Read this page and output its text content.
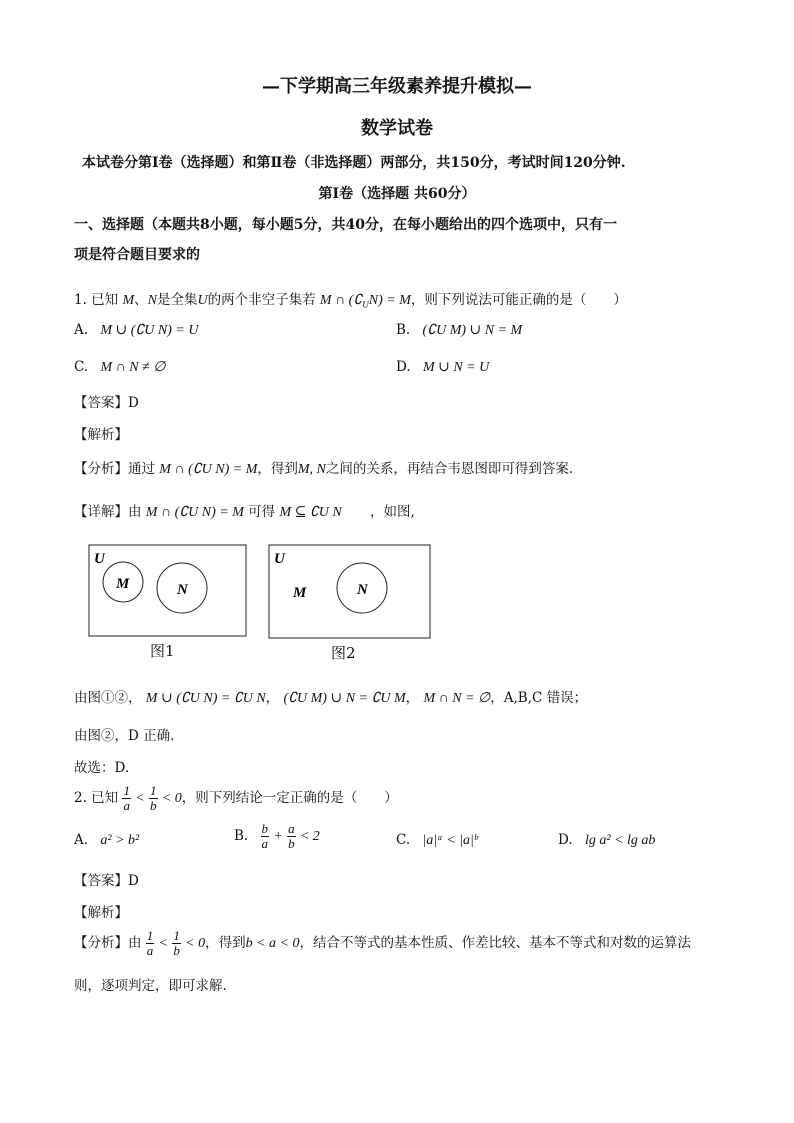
—下学期高三年级素养提升模拟—
数学试卷
本试卷分第Ⅰ卷（选择题）和第Ⅱ卷（非选择题）两部分，共150分，考试时间120分钟.
第Ⅰ卷（选择题 共60分）
一、选择题（本题共8小题，每小题5分，共40分，在每小题给出的四个选项中，只有一
项是符合题目要求的
1. 已知 M、N是全集U的两个非空子集若 M ∩ $(∁_UN) = M$，则下列说法可能正确的是（　　）
A. M ∪ (∁U N) = U	B. (∁U M) ∪ N = M
C. M ∩ N ≠ ∅	D. M ∪ N = U
【答案】D
【解析】
【分析】通过 M ∩ (∁U N) = M，得到M, N之间的关系，再结合韦恩图即可得到答案.
【详解】由 M ∩ (∁U N) = M 可得 M ⊆ ∁U N ，如图,
U
M	N
图1
U
M	N
图2
由图①②， M ∪ (∁U N) = ∁U N， (∁U M) ∪ N = ∁U M， M ∩ N = ∅，A,B,C 错误；
由图②，D 正确.
故选：D.
2. 已知 $\frac{1}{a} < \frac{1}{b} < 0$，则下列结论一定正确的是（　　）
A. a² > b²	B. $\frac{b}{a} + \frac{a}{b} < 2$	C. |a|ᵃ < |a|ᵇ	D. lg a² < lg ab
【答案】D
【解析】
【分析】由 $\frac{1}{a} < \frac{1}{b} < 0$，得到b < a < 0，结合不等式的基本性质、作差比较、基本不等式和对数的运算法
则，逐项判定，即可求解.
